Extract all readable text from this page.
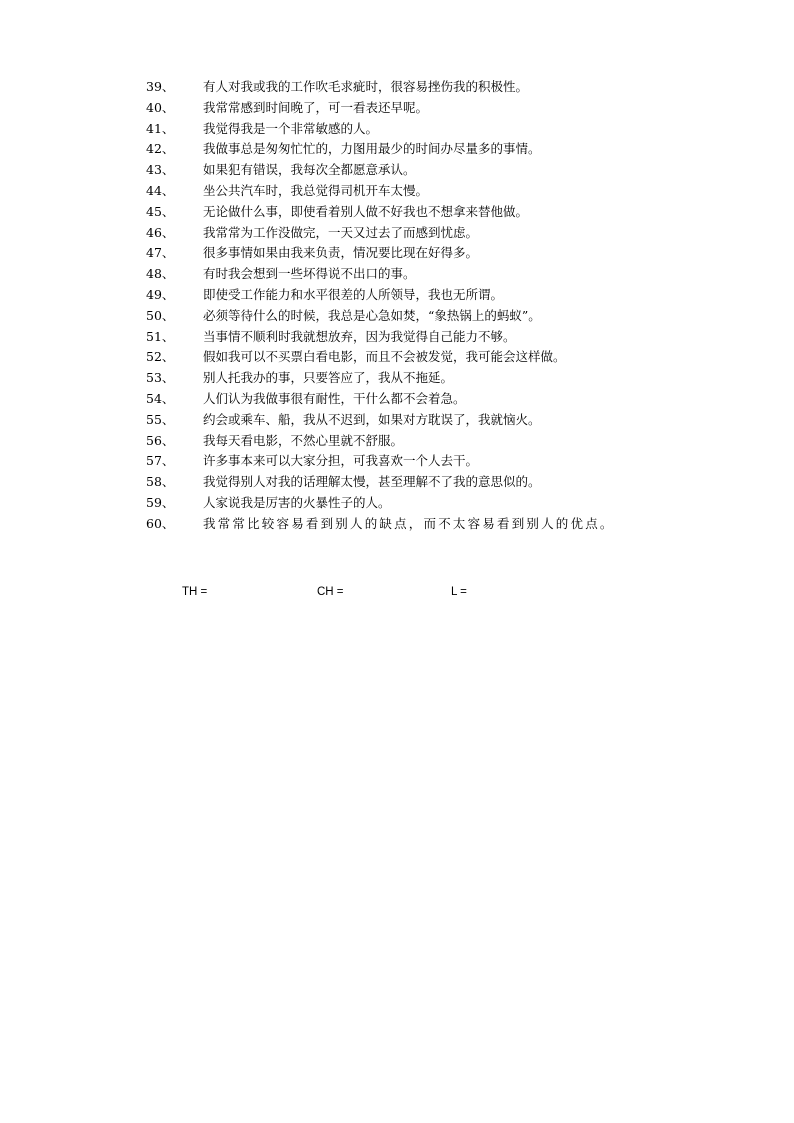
39、	有人对我或我的工作吹毛求疵时，很容易挫伤我的积极性。
40、	我常常感到时间晚了，可一看表还早呢。
41、	我觉得我是一个非常敏感的人。
42、	我做事总是匆匆忙忙的，力图用最少的时间办尽量多的事情。
43、	如果犯有错误，我每次全都愿意承认。
44、	坐公共汽车时，我总觉得司机开车太慢。
45、	无论做什么事，即使看着别人做不好我也不想拿来替他做。
46、	我常常为工作没做完，一天又过去了而感到忧虑。
47、	很多事情如果由我来负责，情况要比现在好得多。
48、	有时我会想到一些坏得说不出口的事。
49、	即使受工作能力和水平很差的人所领导，我也无所谓。
50、	必须等待什么的时候，我总是心急如焚，“象热锅上的蚂蚁”。
51、	当事情不顺利时我就想放弃，因为我觉得自己能力不够。
52、	假如我可以不买票白看电影，而且不会被发觉，我可能会这样做。
53、	别人托我办的事，只要答应了，我从不拖延。
54、	人们认为我做事很有耐性，干什么都不会着急。
55、	约会或乘车、船，我从不迟到，如果对方耽误了，我就恼火。
56、	我每天看电影，不然心里就不舒服。
57、	许多事本来可以大家分担，可我喜欢一个人去干。
58、	我觉得别人对我的话理解太慢，甚至理解不了我的意思似的。
59、	人家说我是厉害的火暴性子的人。
60、	我常常比较容易看到别人的缺点，而不太容易看到别人的优点。
TH =	CH =	L =
